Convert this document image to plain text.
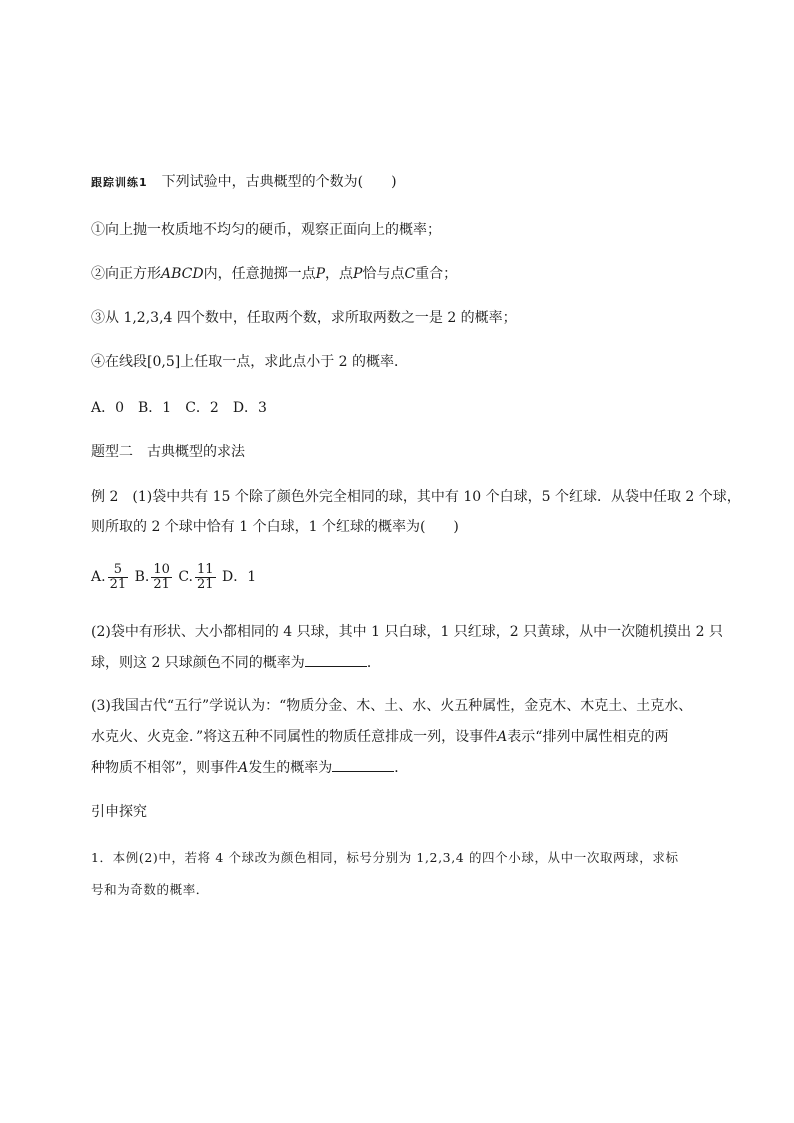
跟踪训练1 下列试验中，古典概型的个数为(　　)
①向上抛一枚质地不均匀的硬币，观察正面向上的概率；
②向正方形ABCD内，任意抛掷一点P，点P恰与点C重合；
③从 1,2,3,4 四个数中，任取两个数，求所取两数之一是 2 的概率；
④在线段[0,5]上任取一点，求此点小于 2 的概率．
A．0　B．1　C．2　D．3
题型二　古典概型的求法
例 2　(1)袋中共有 15 个除了颜色外完全相同的球，其中有 10 个白球，5 个红球．从袋中任取 2 个球，
则所取的 2 个球中恰有 1 个白球，1 个红球的概率为(　　)
A. $\frac{5}{21} B$. $\frac{10}{21} C$. $\frac{11}{21}$ D．1
(2)袋中有形状、大小都相同的 4 只球，其中 1 只白球，1 只红球，2 只黄球，从中一次随机摸出 2 只
球，则这 2 只球颜色不同的概率为	．
(3)我国古代“五行”学说认为：“物质分金、木、土、水、火五种属性，金克木、木克土、土克水、
水克火、火克金．”将这五种不同属性的物质任意排成一列，设事件A表示“排列中属性相克的两
种物质不相邻”，则事件A发生的概率为	．
引申探究
1．本例(2)中，若将 4 个球改为颜色相同，标号分别为 1,2,3,4 的四个小球，从中一次取两球，求标
号和为奇数的概率．
